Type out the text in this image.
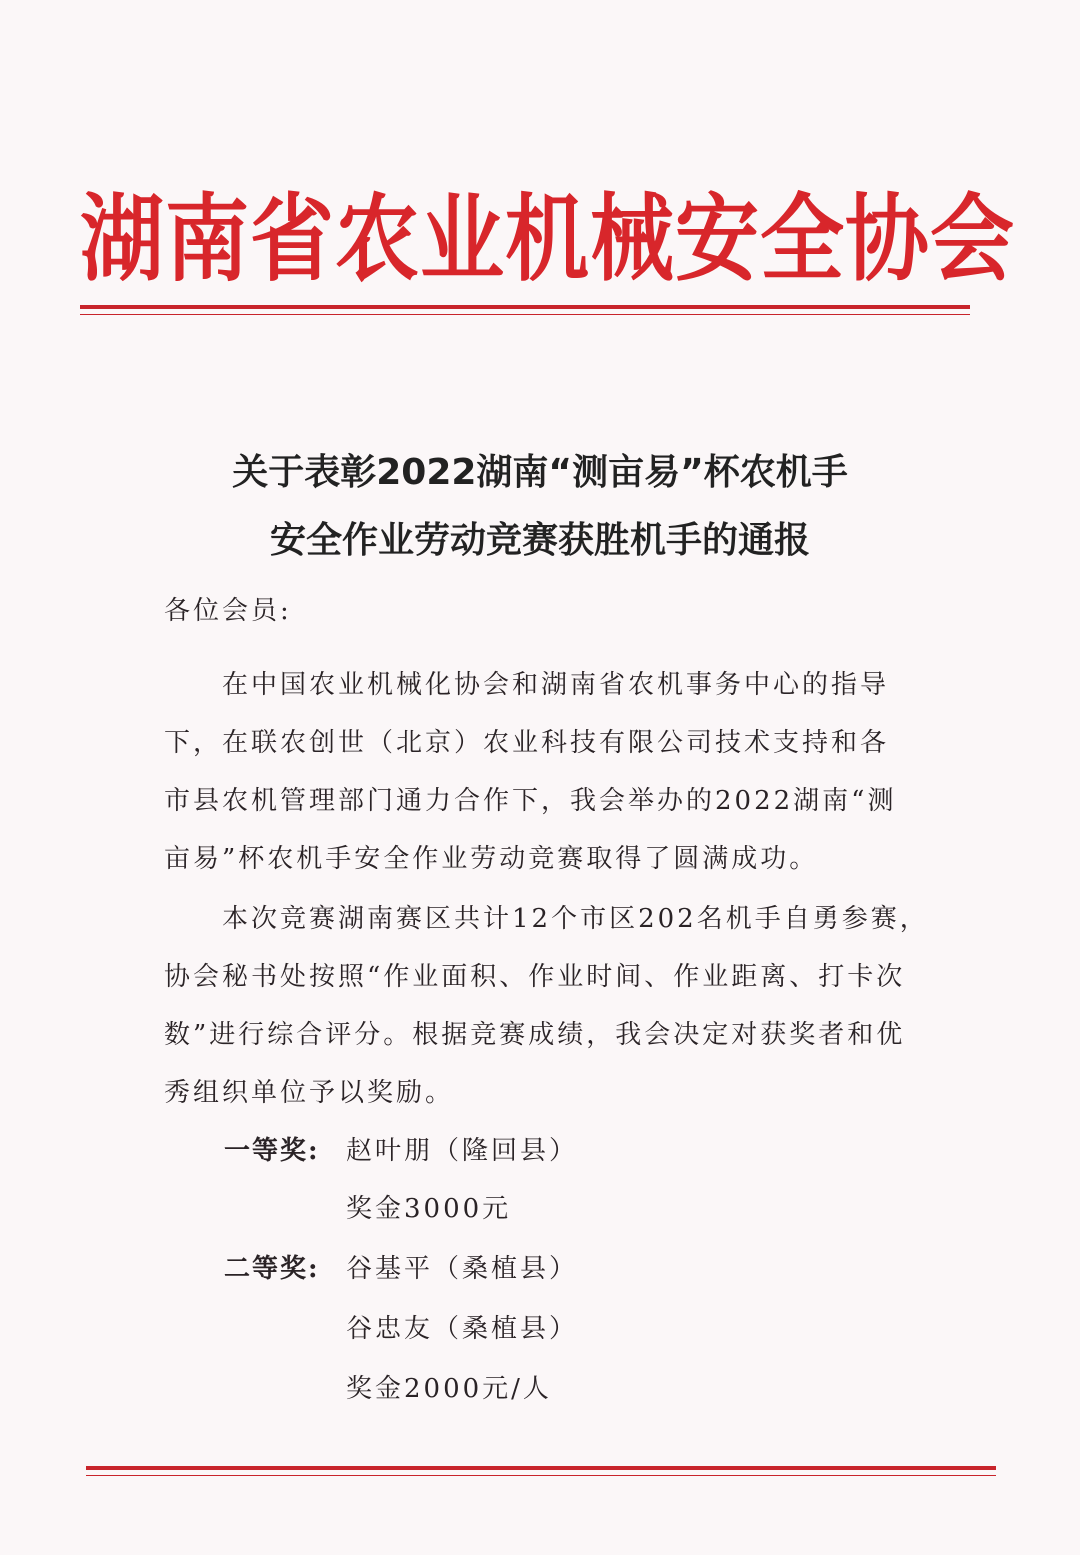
湖南省农业机械安全协会
关于表彰2022湖南“测亩易”杯农机手
安全作业劳动竞赛获胜机手的通报
各位会员:
在中国农业机械化协会和湖南省农机事务中心的指导
下，在联农创世（北京）农业科技有限公司技术支持和各
市县农机管理部门通力合作下，我会举办的2022湖南“测
亩易”杯农机手安全作业劳动竞赛取得了圆满成功。
本次竞赛湖南赛区共计12个市区202名机手自勇参赛，
协会秘书处按照“作业面积、作业时间、作业距离、打卡次
数”进行综合评分。根据竞赛成绩，我会决定对获奖者和优
秀组织单位予以奖励。
一等奖: 赵叶朋（隆回县）
奖金3000元
二等奖: 谷基平（桑植县）
谷忠友（桑植县）
奖金2000元/人
